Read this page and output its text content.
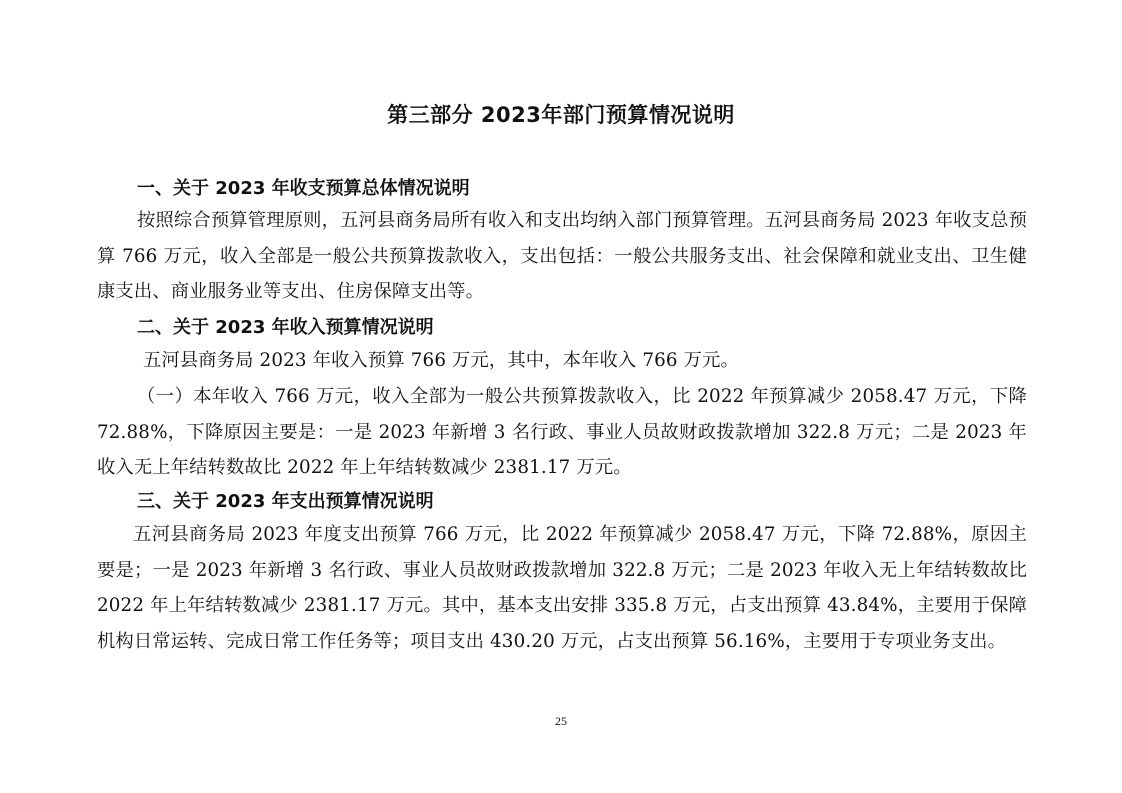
第三部分 2023年部门预算情况说明
一、关于 2023 年收支预算总体情况说明

按照综合预算管理原则，五河县商务局所有收入和支出均纳入部门预算管理。五河县商务局 2023 年收支总预算 766 万元，收入全部是一般公共预算拨款收入，支出包括：一般公共服务支出、社会保障和就业支出、卫生健康支出、商业服务业等支出、住房保障支出等。

二、关于 2023 年收入预算情况说明

五河县商务局 2023 年收入预算 766 万元，其中，本年收入 766 万元。

（一）本年收入 766 万元，收入全部为一般公共预算拨款收入，比 2022 年预算减少 2058.47 万元，下降 72.88%，下降原因主要是：一是 2023 年新增 3 名行政、事业人员故财政拨款增加 322.8 万元；二是 2023 年收入无上年结转数故比 2022 年上年结转数减少 2381.17 万元。

三、关于 2023 年支出预算情况说明

五河县商务局 2023 年度支出预算 766 万元，比 2022 年预算减少 2058.47 万元，下降 72.88%，原因主要是；一是 2023 年新增 3 名行政、事业人员故财政拨款增加 322.8 万元；二是 2023 年收入无上年结转数故比 2022 年上年结转数减少 2381.17 万元。其中，基本支出安排 335.8 万元，占支出预算 43.84%，主要用于保障机构日常运转、完成日常工作任务等；项目支出 430.20 万元，占支出预算 56.16%，主要用于专项业务支出。

25
